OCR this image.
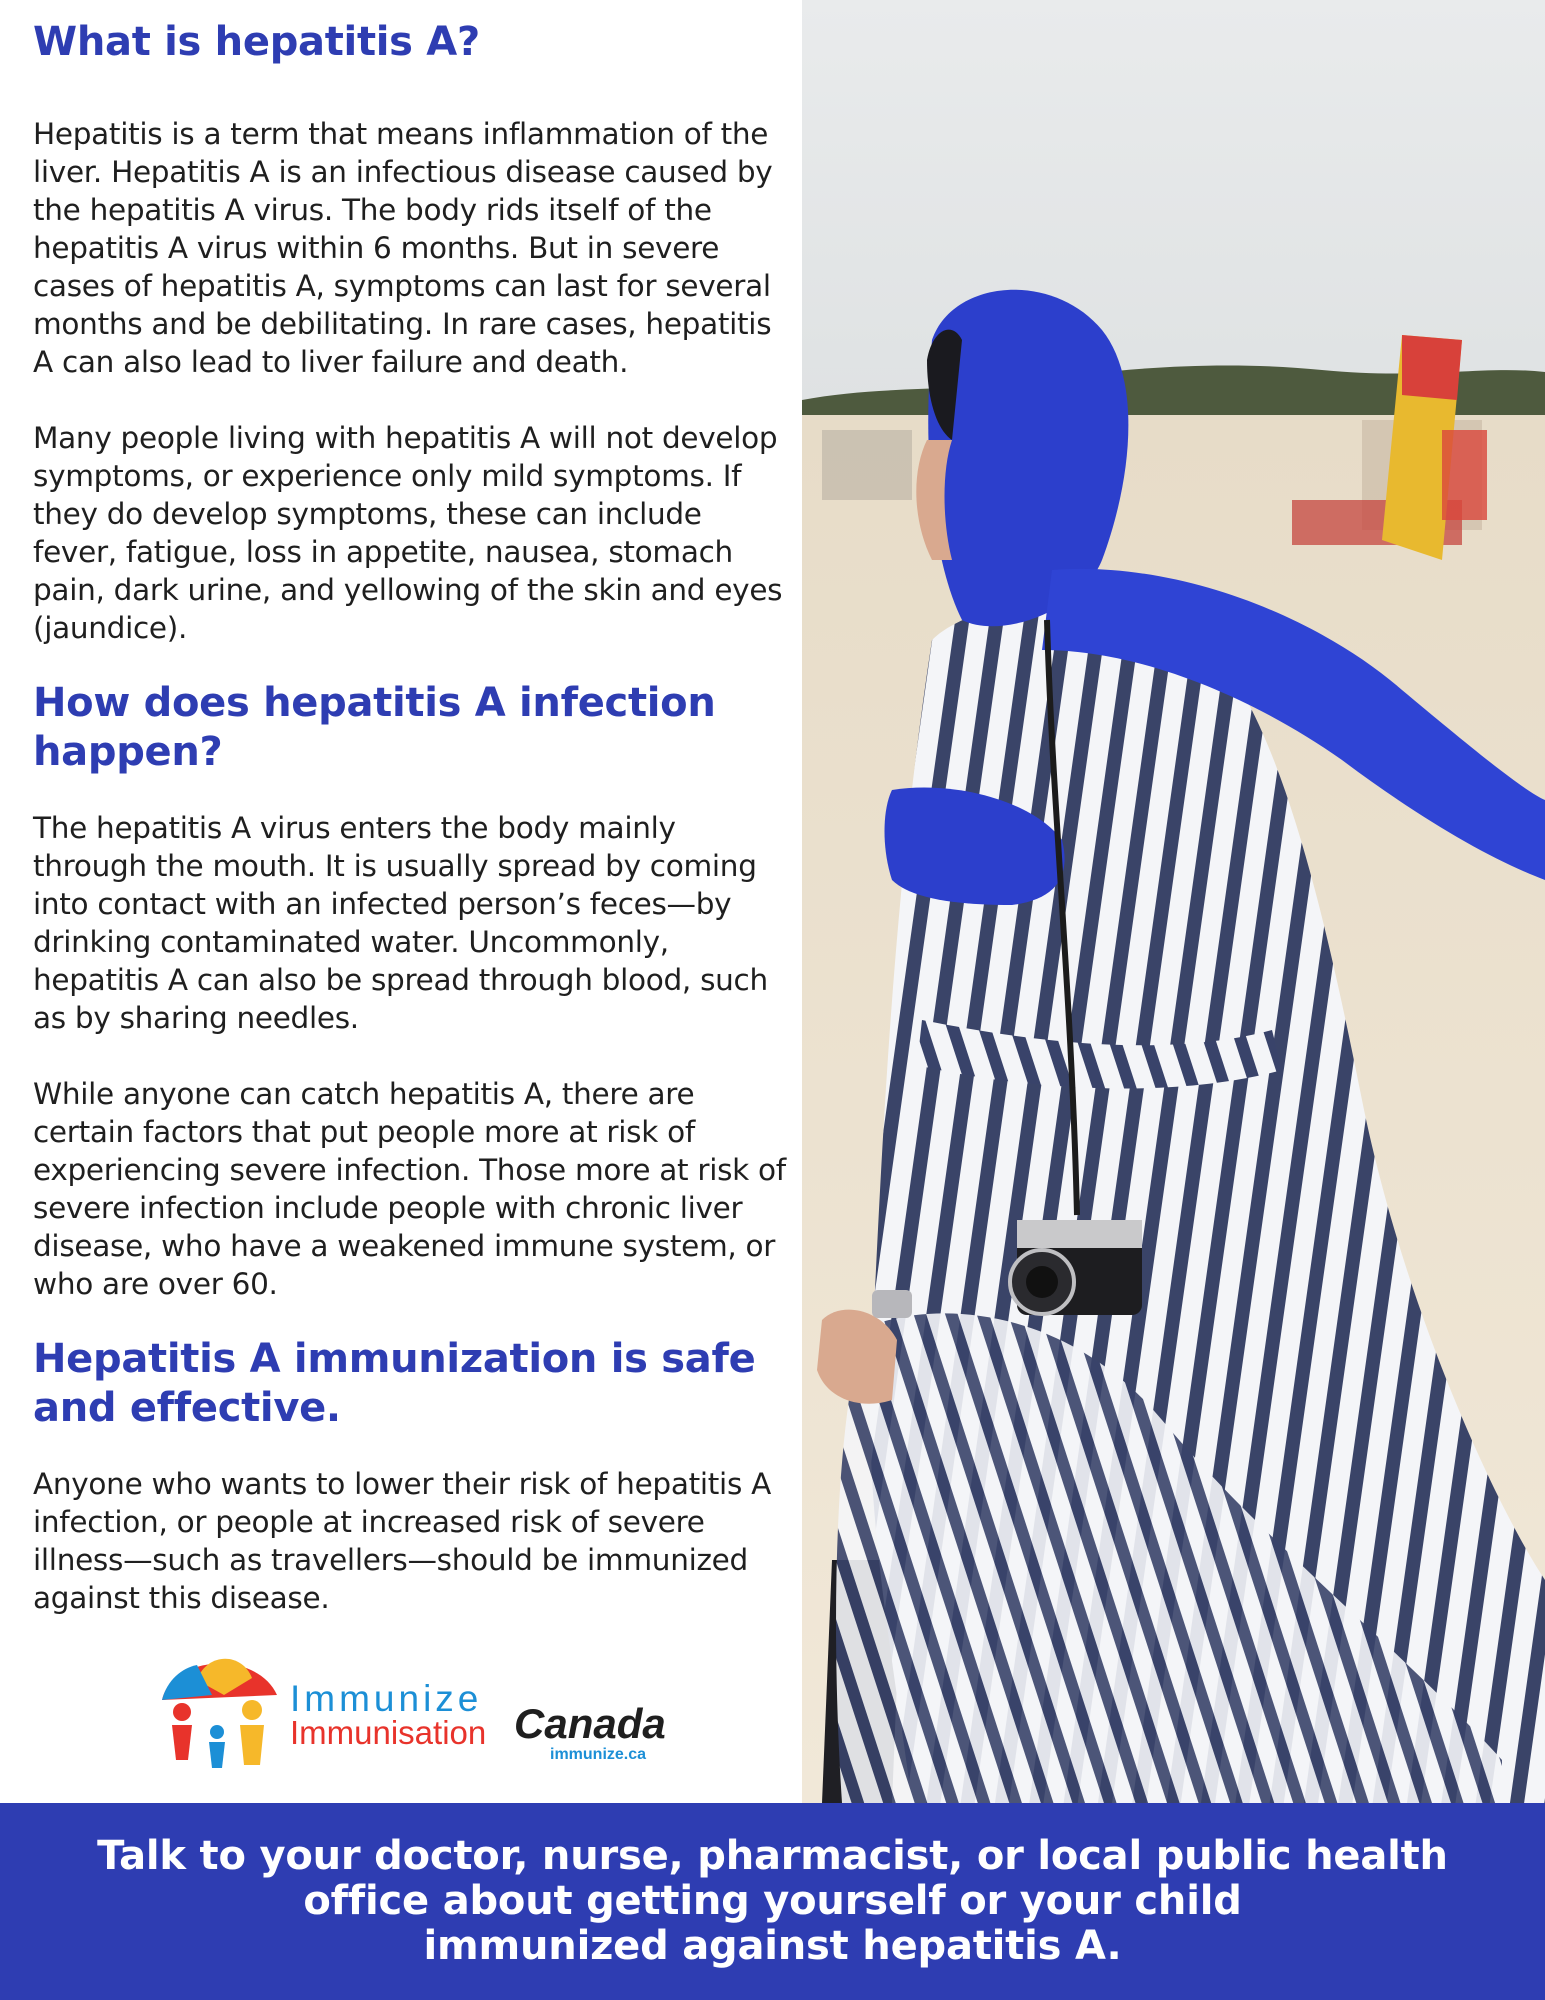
What is hepatitis A?

Hepatitis is a term that means inflammation of the liver. Hepatitis A is an infectious disease caused by the hepatitis A virus. The body rids itself of the hepatitis A virus within 6 months. But in severe cases of hepatitis A, symptoms can last for several months and be debilitating. In rare cases, hepatitis A can also lead to liver failure and death.

Many people living with hepatitis A will not develop symptoms, or experience only mild symptoms. If they do develop symptoms, these can include fever, fatigue, loss in appetite, nausea, stomach pain, dark urine, and yellowing of the skin and eyes (jaundice).

How does hepatitis A infection happen?

The hepatitis A virus enters the body mainly through the mouth. It is usually spread by coming into contact with an infected person’s feces—by drinking contaminated water. Uncommonly, hepatitis A can also be spread through blood, such as by sharing needles.

While anyone can catch hepatitis A, there are certain factors that put people more at risk of experiencing severe infection. Those more at risk of severe infection include people with chronic liver disease, who have a weakened immune system, or who are over 60.

Hepatitis A immunization is safe and effective.

Anyone who wants to lower their risk of hepatitis A infection, or people at increased risk of severe illness—such as travellers—should be immunized against this disease.

Immunize
Immunisation Canada
immunize.ca
Talk to your doctor, nurse, pharmacist, or local public health
office about getting yourself or your child
immunized against hepatitis A.
